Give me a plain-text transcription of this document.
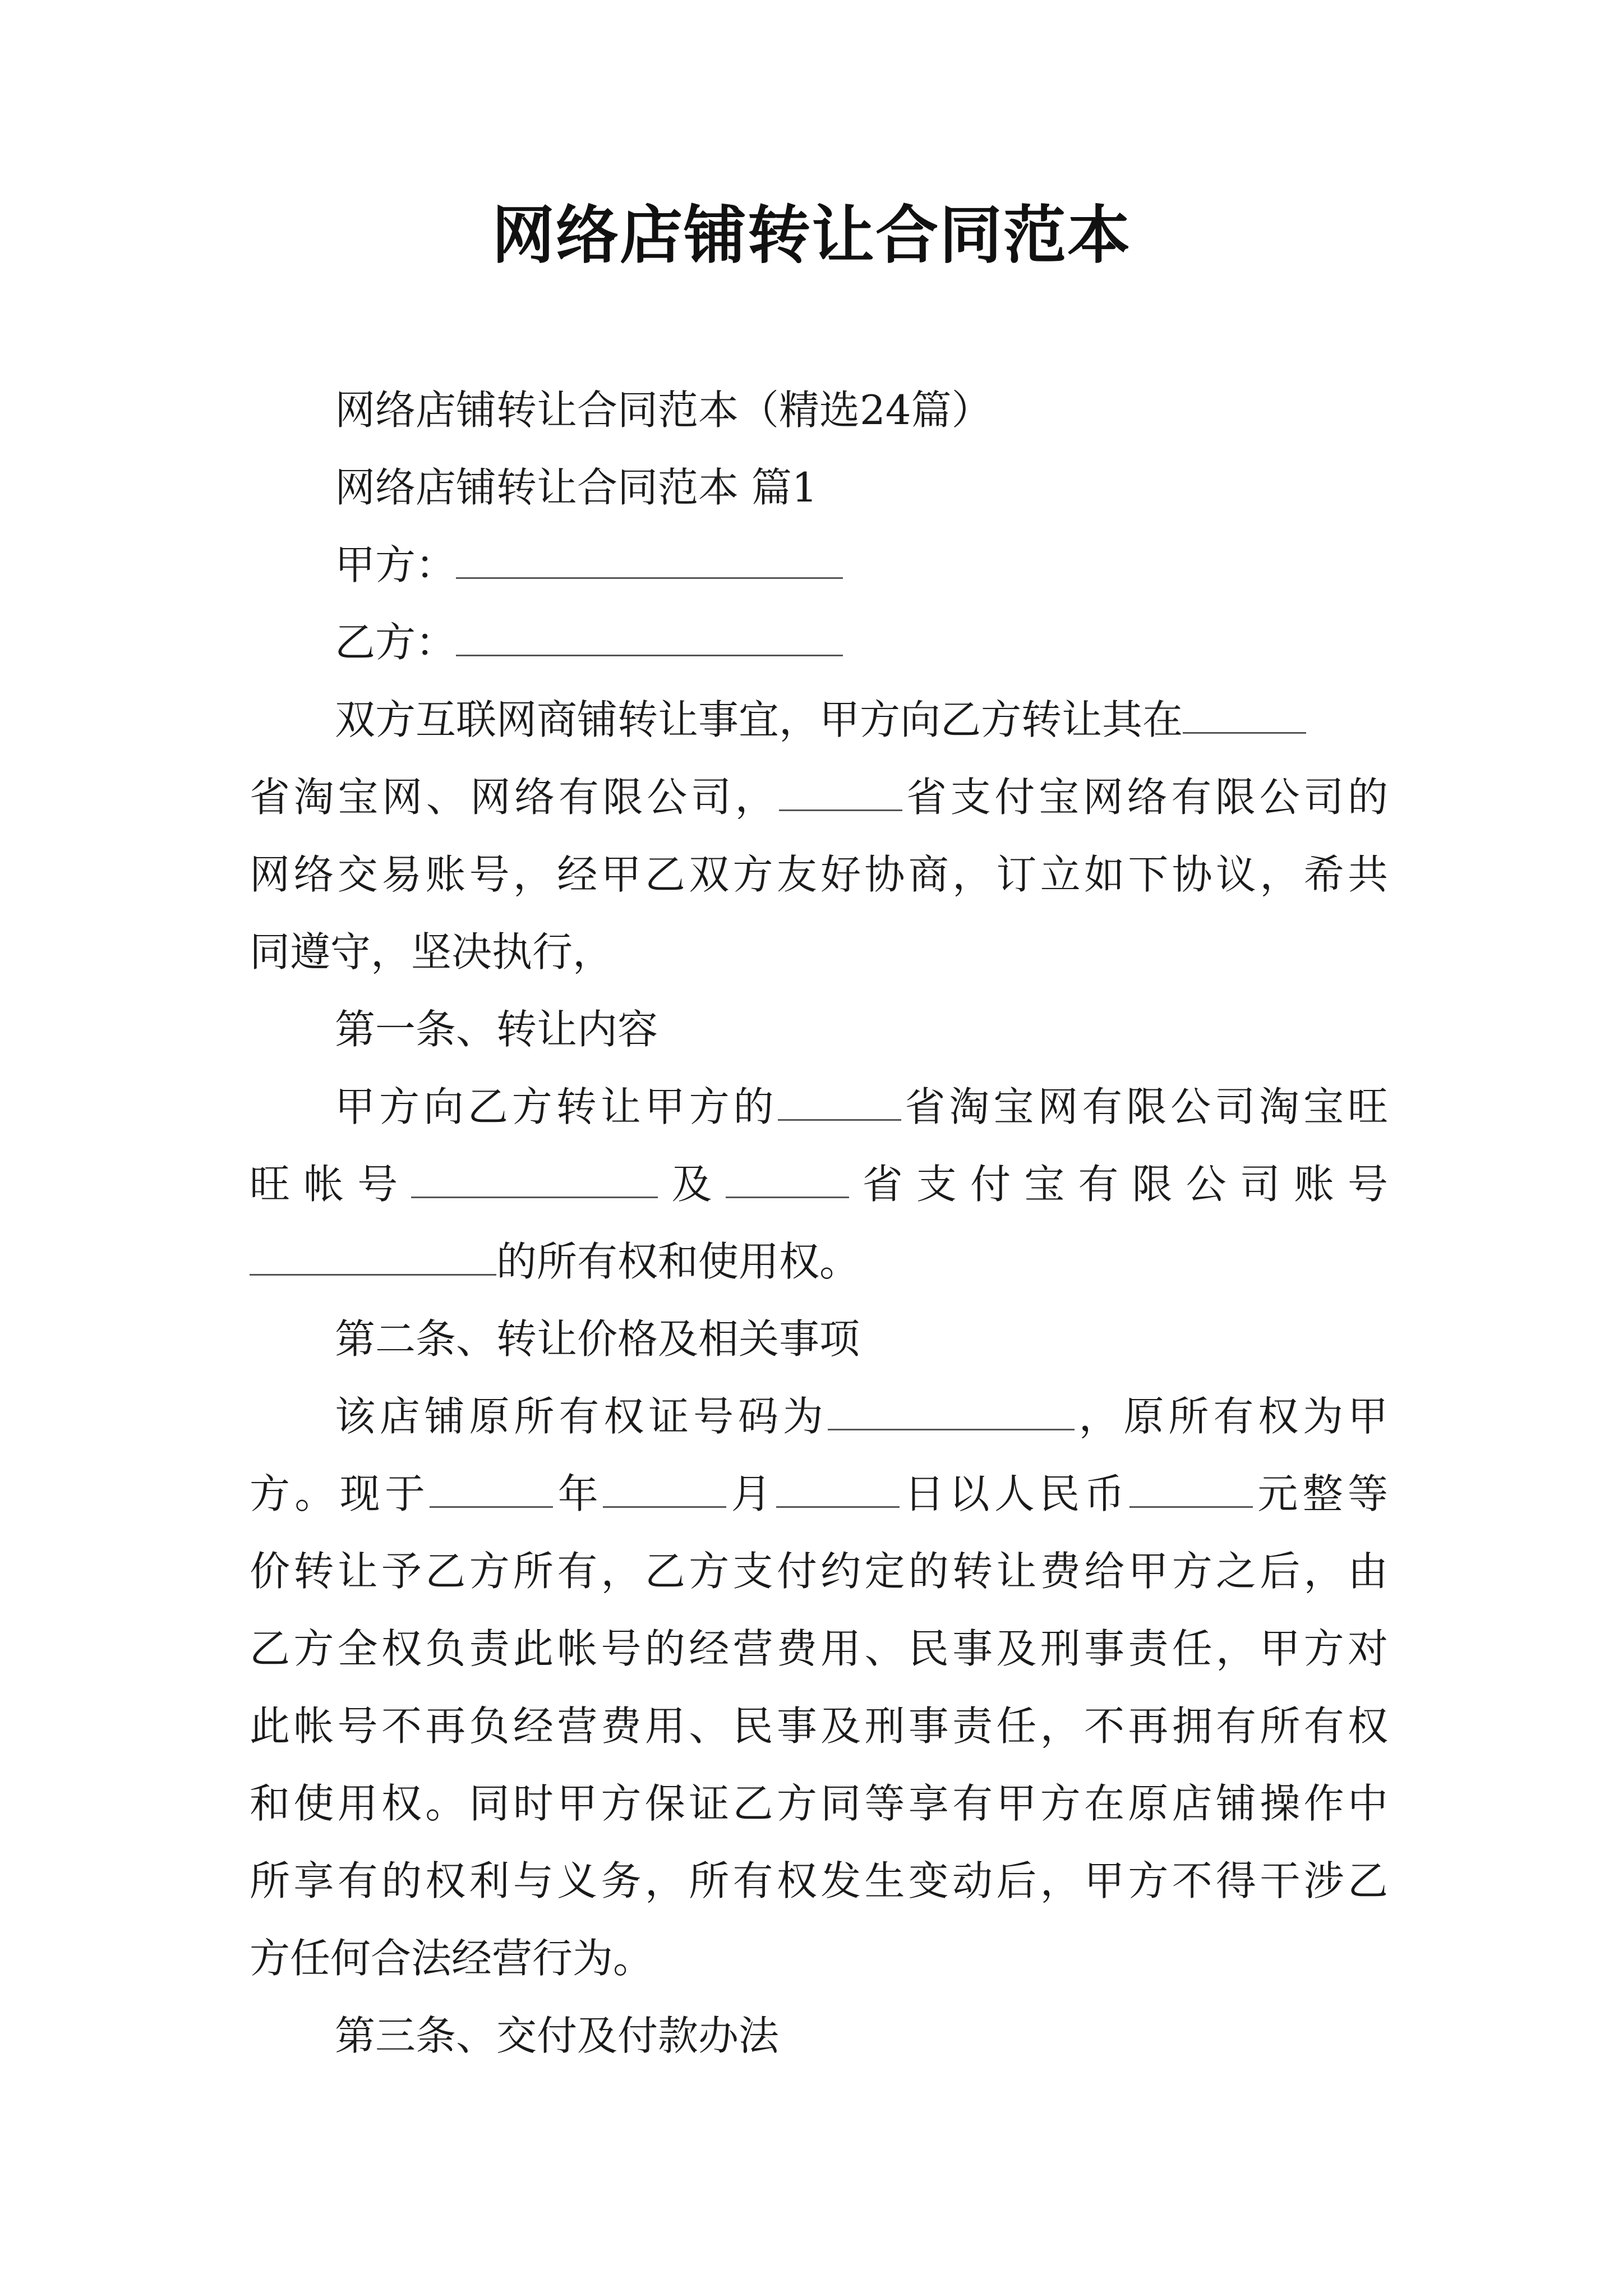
网络店铺转让合同范本
网络店铺转让合同范本（精选24篇）
网络店铺转让合同范本 篇1
甲方：
乙方：
双方互联网商铺转让事宜，甲方向乙方转让其在
省淘宝网、网络有限公司，	省支付宝网络有限公司的
网络交易账号，经甲乙双方友好协商，订立如下协议，希共
同遵守，坚决执行，
第一条、转让内容
甲方向乙方转让甲方的	省淘宝网有限公司淘宝旺
旺帐号	及	省支付宝有限公司账号
的所有权和使用权。
第二条、转让价格及相关事项
该店铺原所有权证号码为	，原所有权为甲
方。现于	年	月	日以人民币	元整等
价转让予乙方所有，乙方支付约定的转让费给甲方之后，由
乙方全权负责此帐号的经营费用、民事及刑事责任，甲方对
此帐号不再负经营费用、民事及刑事责任，不再拥有所有权
和使用权。同时甲方保证乙方同等享有甲方在原店铺操作中
所享有的权利与义务，所有权发生变动后，甲方不得干涉乙
方任何合法经营行为。
第三条、交付及付款办法
